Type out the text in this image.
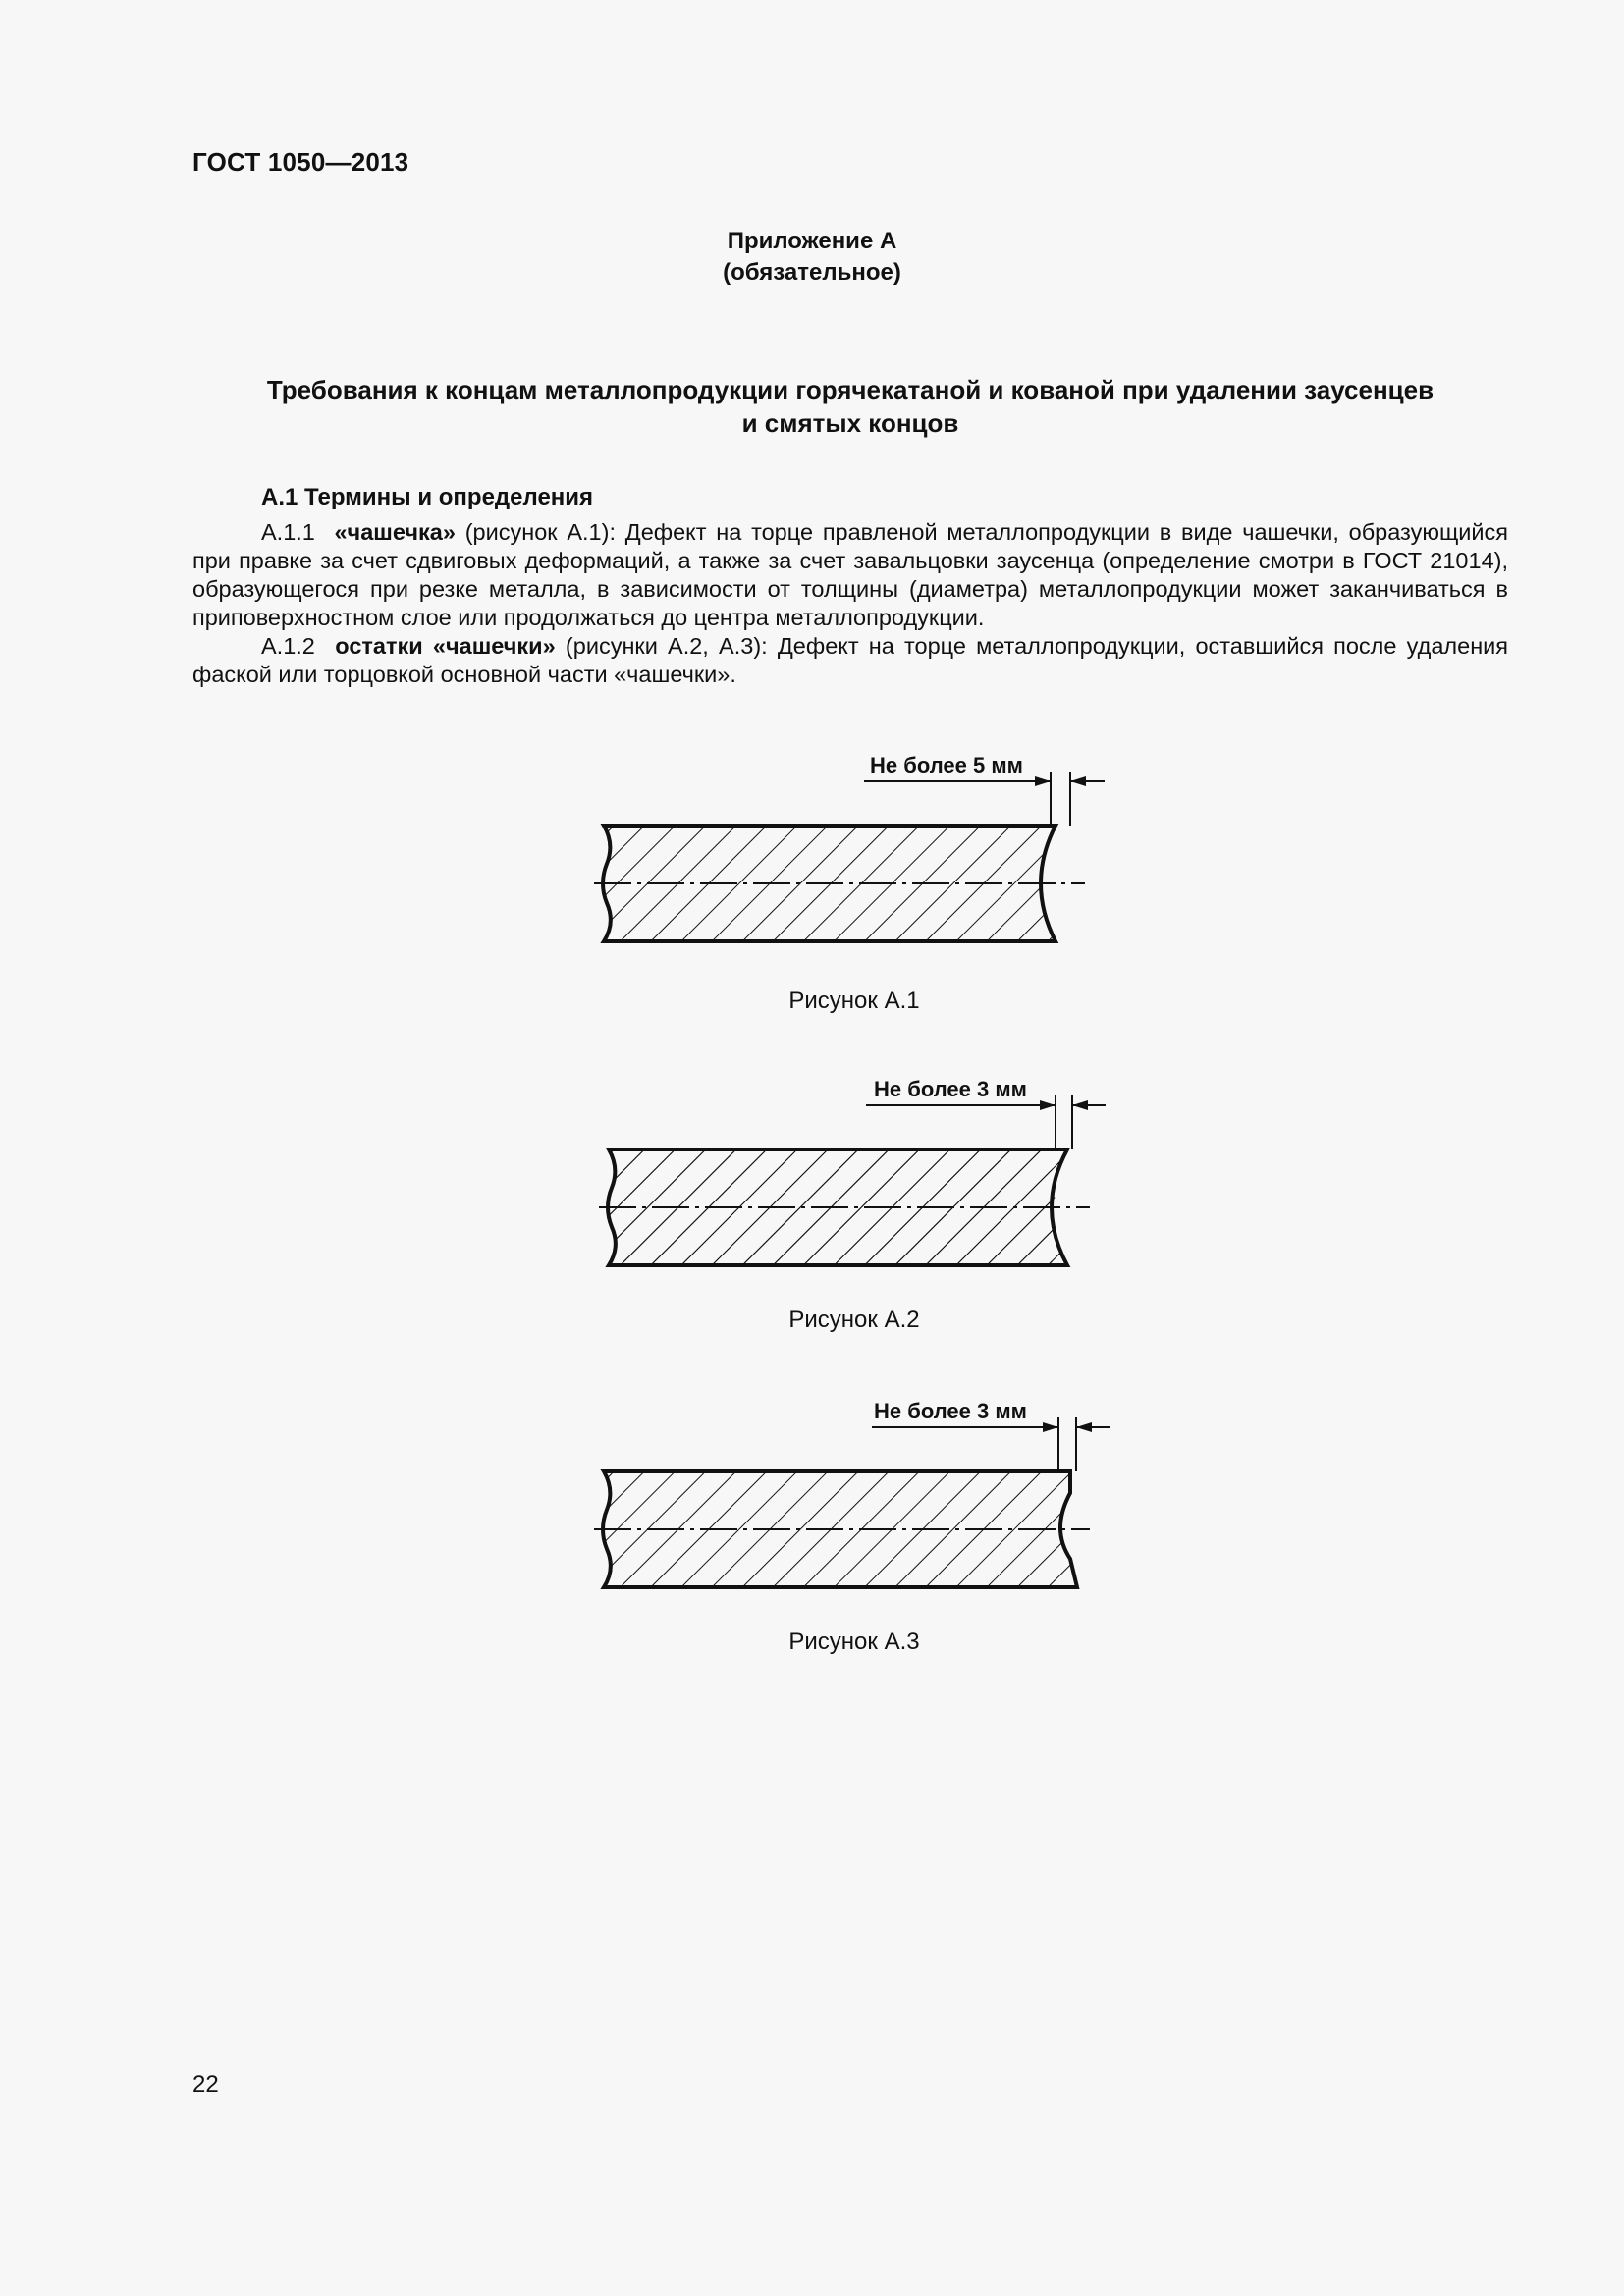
ГОСТ 1050—2013
Приложение А
(обязательное)
Требования к концам металлопродукции горячекатаной и кованой при удалении заусенцев
и смятых концов
А.1 Термины и определения
А.1.1 «чашечка» (рисунок А.1): Дефект на торце правленой металлопродукции в виде чашечки, образующийся при правке за счет сдвиговых деформаций, а также за счет завальцовки заусенца (определение смотри в ГОСТ 21014), образующегося при резке металла, в зависимости от толщины (диаметра) металлопродукции может заканчиваться в приповерхностном слое или продолжаться до центра металлопродукции.
А.1.2 остатки «чашечки» (рисунки А.2, А.3): Дефект на торце металлопродукции, оставшийся после удаления фаской или торцовкой основной части «чашечки».
Не более 5 мм
Рисунок А.1
Не более 3 мм
Рисунок А.2
Не более 3 мм
Рисунок А.3
22
